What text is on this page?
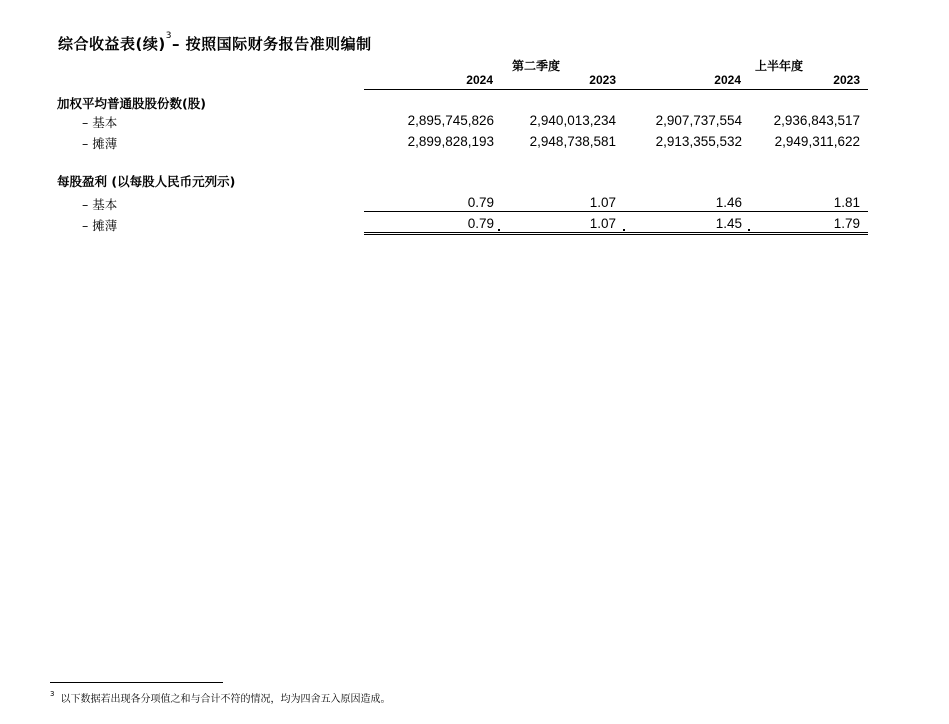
综合收益表(续)$^3$– 按照国际财务报告准则编制
第二季度	上半年度
2024	2023	2024	2023
加权平均普通股股份数(股)
– 基本	2,895,745,826	2,940,013,234	2,907,737,554	2,936,843,517
– 摊薄	2,899,828,193	2,948,738,581	2,913,355,532	2,949,311,622
每股盈利 (以每股人民币元列示)
– 基本	0.79	1.07	1.46	1.81
– 摊薄	0.79	1.07	1.45	1.79
$^3$ 以下数据若出现各分项值之和与合计不符的情况，均为四舍五入原因造成。
